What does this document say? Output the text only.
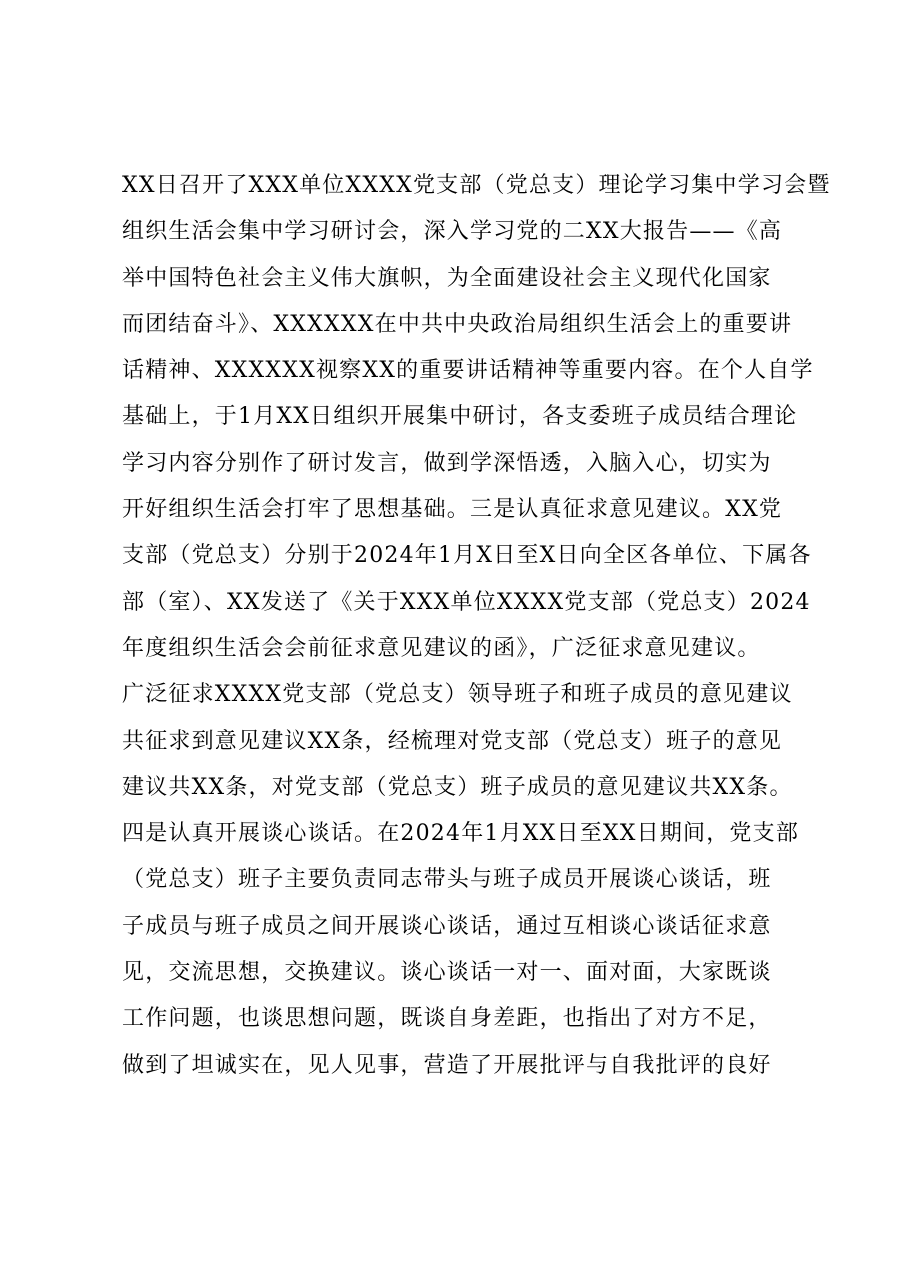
XX日召开了XXX单位XXXX党支部（党总支）理论学习集中学习会暨
组织生活会集中学习研讨会，深入学习党的二XX大报告——《高
举中国特色社会主义伟大旗帜，为全面建设社会主义现代化国家
而团结奋斗》、XXXXXX在中共中央政治局组织生活会上的重要讲
话精神、XXXXXX视察XX的重要讲话精神等重要内容。在个人自学
基础上，于1月XX日组织开展集中研讨，各支委班子成员结合理论
学习内容分别作了研讨发言，做到学深悟透，入脑入心，切实为
开好组织生活会打牢了思想基础。三是认真征求意见建议。XX党
支部（党总支）分别于2024年1月X日至X日向全区各单位、下属各
部（室）、XX发送了《关于XXX单位XXXX党支部（党总支）2024
年度组织生活会会前征求意见建议的函》，广泛征求意见建议。
广泛征求XXXX党支部（党总支）领导班子和班子成员的意见建议
共征求到意见建议XX条，经梳理对党支部（党总支）班子的意见
建议共XX条，对党支部（党总支）班子成员的意见建议共XX条。
四是认真开展谈心谈话。在2024年1月XX日至XX日期间，党支部
（党总支）班子主要负责同志带头与班子成员开展谈心谈话，班
子成员与班子成员之间开展谈心谈话，通过互相谈心谈话征求意
见，交流思想，交换建议。谈心谈话一对一、面对面，大家既谈
工作问题，也谈思想问题，既谈自身差距，也指出了对方不足，
做到了坦诚实在，见人见事，营造了开展批评与自我批评的良好
